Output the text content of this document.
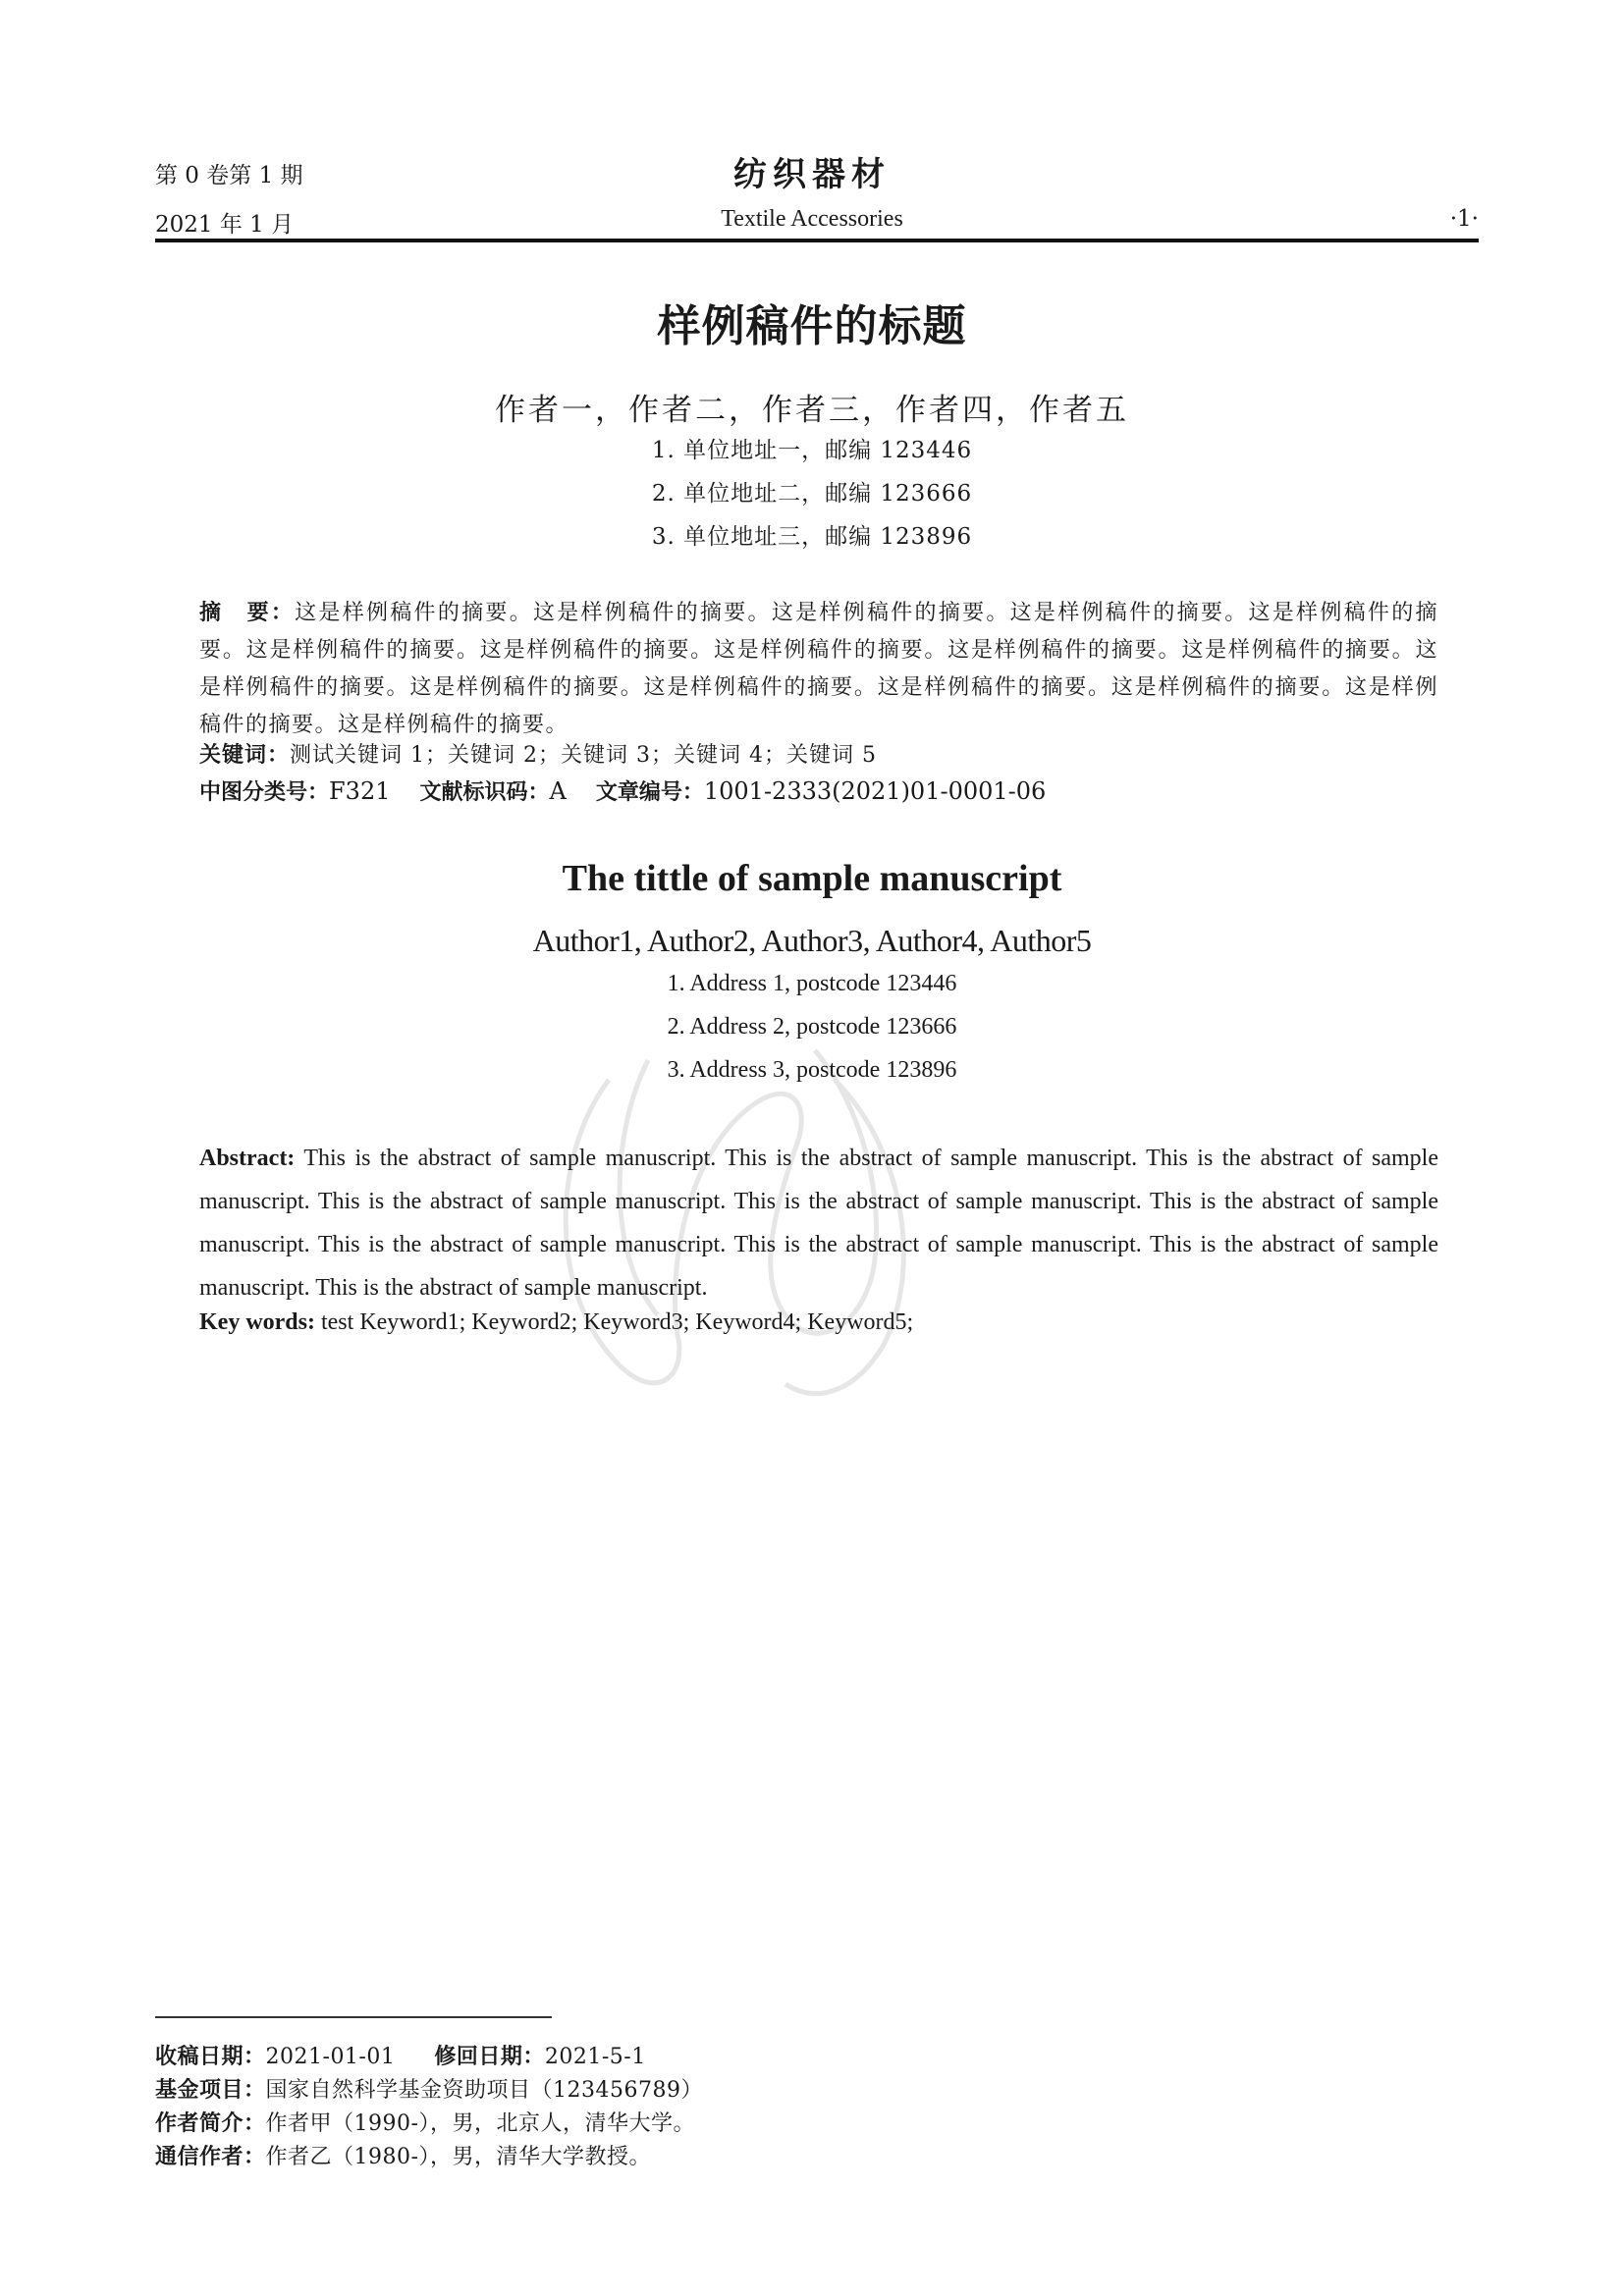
第 0 卷第 1 期	纺织器材
2021 年 1 月	Textile Accessories	·1·
样例稿件的标题
作者一，作者二，作者三，作者四，作者五
1. 单位地址一，邮编 123446
2. 单位地址二，邮编 123666
3. 单位地址三，邮编 123896
摘　要：这是样例稿件的摘要。这是样例稿件的摘要。这是样例稿件的摘要。这是样例稿件的摘要。这是样例稿件的摘要。这是样例稿件的摘要。这是样例稿件的摘要。这是样例稿件的摘要。这是样例稿件的摘要。这是样例稿件的摘要。这是样例稿件的摘要。这是样例稿件的摘要。这是样例稿件的摘要。这是样例稿件的摘要。这是样例稿件的摘要。这是样例稿件的摘要。这是样例稿件的摘要。
关键词：测试关键词 1；关键词 2；关键词 3；关键词 4；关键词 5
中图分类号：F321 文献标识码：A 文章编号：1001-2333(2021)01-0001-06
The tittle of sample manuscript
Author1, Author2, Author3, Author4, Author5
1. Address 1, postcode 123446
2. Address 2, postcode 123666
3. Address 3, postcode 123896
Abstract: This is the abstract of sample manuscript. This is the abstract of sample manuscript. This is the abstract of sample manuscript. This is the abstract of sample manuscript. This is the abstract of sample manuscript. This is the abstract of sample manuscript. This is the abstract of sample manuscript. This is the abstract of sample manuscript. This is the abstract of sample manuscript. This is the abstract of sample manuscript.
Key words: test Keyword1; Keyword2; Keyword3; Keyword4; Keyword5;
收稿日期：2021-01-01 修回日期：2021-5-1
基金项目：国家自然科学基金资助项目（123456789）
作者简介：作者甲（1990-），男，北京人，清华大学。
通信作者：作者乙（1980-），男，清华大学教授。
